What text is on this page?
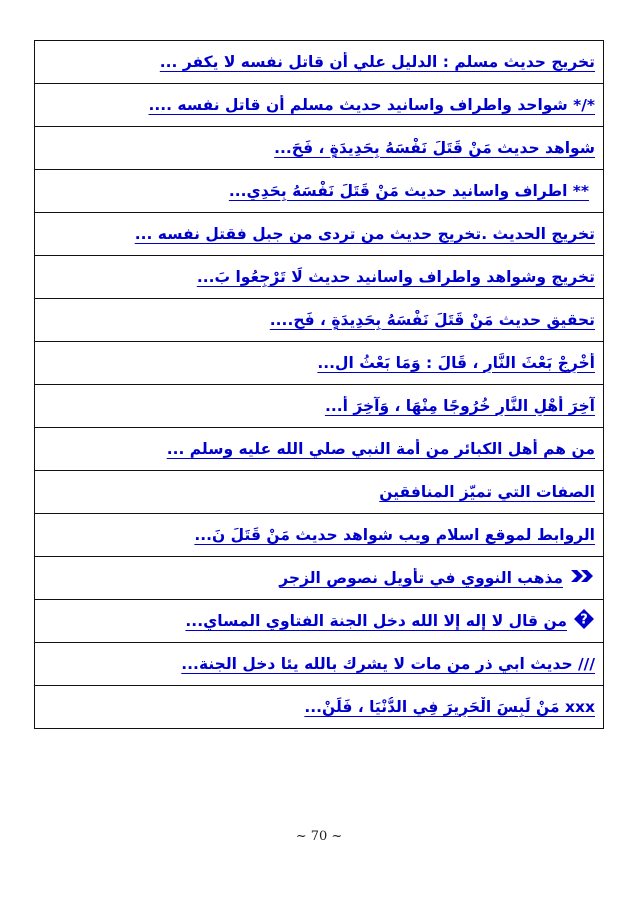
تخريج حديث مسلم : الدليل علي أن قاتل نفسه لا يكفر ...

*/* شواحد واطراف واسانيد حديث مسلم أن قاتل نفسه ....

شواهد حديث مَنْ قَتَلَ نَفْسَهُ بِحَدِيدَةٍ ، فَحَ...

** اطراف واسانيد حديث مَنْ قَتَلَ نَفْسَهُ بِحَدِي...

تخريج الحديث .تخريج حديث من تردى من جبل فقتل نفسه ...

تخريج وشواهد واطراف واسانيد حديث لَا تَرْجِعُوا بَ...

تحقيق حديث مَنْ قَتَلَ نَفْسَهُ بِحَدِيدَةٍ ، فَح....

أَخْرِجْ بَعْثَ النَّارِ ، قَالَ : وَمَا بَعْثُ ال...

آخِرَ أَهْلِ النَّارِ خُرُوجًا مِنْهَا ، وَآخِرَ أ...

من هم أهل الكبائر من أمة النبي صلي الله عليه وسلم ...

الصفات التي تميّز المنافقين

الروابط لموقع اسلام ويب شواهد حديث مَنْ قَتَلَ نَ...

مذهب النووي في تأويل نصوص الزجر

?
من قال لا إله إلا الله دخل الجنة الفتاوي المساي...

/// حديث ابي ذر من مات لا يشرك بالله يئا دخل الجنة...

xxx مَنْ لَبِسَ الْحَرِيرَ فِي الدُّنْيَا ، فَلَنْ...
~ 70 ~
